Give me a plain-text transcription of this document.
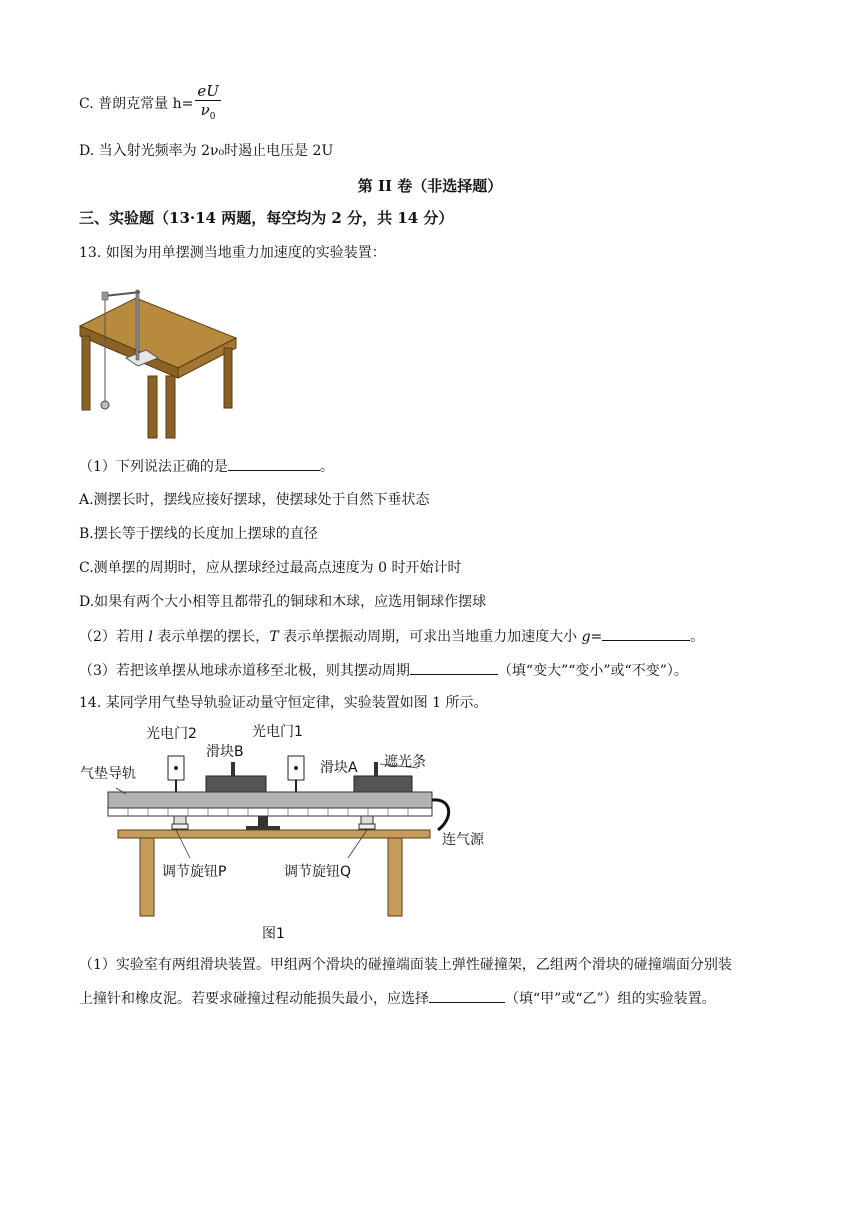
C. 普朗克常量 $h= \frac{eU}{\nu_0}$
D. 当入射光频率为 2ν₀时遏止电压是 2U
第 II 卷（非选择题）
三、实验题（13·14 两题，每空均为 2 分，共 14 分）
13. 如图为用单摆测当地重力加速度的实验装置：
（1）下列说法正确的是	。
A.测摆长时，摆线应接好摆球，使摆球处于自然下垂状态
B.摆长等于摆线的长度加上摆球的直径
C.测单摆的周期时，应从摆球经过最高点速度为 0 时开始计时
D.如果有两个大小相等且都带孔的铜球和木球，应选用铜球作摆球
（2）若用 l 表示单摆的摆长，T 表示单摆振动周期，可求出当地重力加速度大小 g=	。
（3）若把该单摆从地球赤道移至北极，则其摆动周期	（填“变大”“变小”或“不变”）。
14. 某同学用气垫导轨验证动量守恒定律，实验装置如图 1 所示。
光电门2	光电门1
滑块B
滑块A 遮光条
气垫导轨
调节旋钮P	调节旋钮Q
连气源
图1
（1）实验室有两组滑块装置。甲组两个滑块的碰撞端面装上弹性碰撞架，乙组两个滑块的碰撞端面分别装
上撞针和橡皮泥。若要求碰撞过程动能损失最小，应选择	（填“甲”或“乙”）组的实验装置。
